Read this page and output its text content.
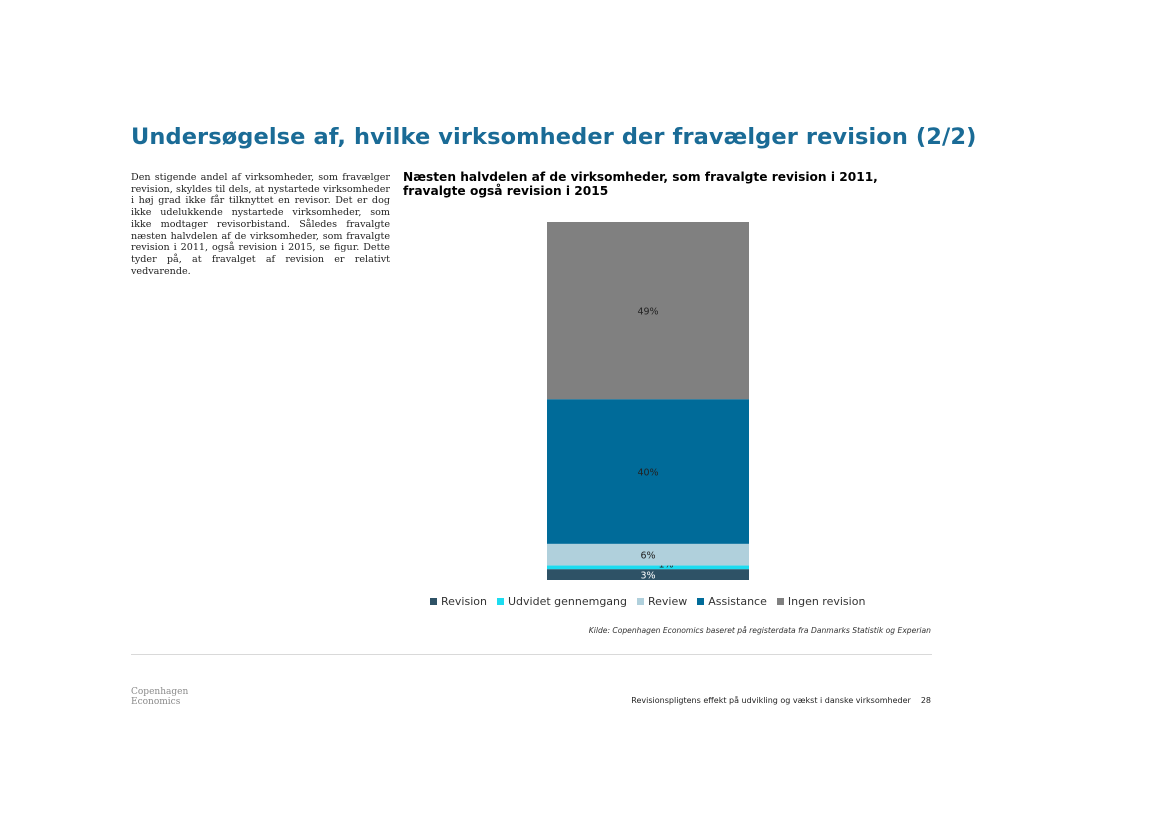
Undersøgelse af, hvilke virksomheder der fravælger revision (2/2)

Den stigende andel af virksomheder, som fravælger revision, skyldes til dels, at nystartede virksomheder i høj grad ikke får tilknyttet en revisor. Det er dog ikke udelukkende nystartede virksomheder, som ikke modtager revisorbistand. Således fravalgte næsten halvdelen af de virksomheder, som fravalgte revision i 2011, også revision i 2015, se figur. Dette tyder på, at fravalget af revision er relativt vedvarende.

Næsten halvdelen af de virksomheder, som fravalgte revision i 2011, fravalgte også revision i 2015

3%
6%
40%
49%
Revision Udvidet gennemgang Review Assistance Ingen revision

Kilde: Copenhagen Economics baseret på registerdata fra Danmarks Statistik og Experian

Copenhagen
Economics	Revisionspligtens effekt på udvikling og vækst i danske virksomheder 28
